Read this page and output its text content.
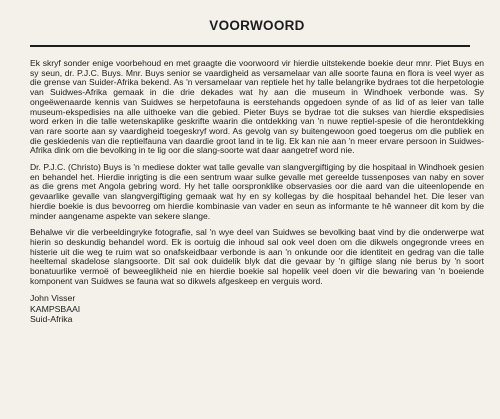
VOORWOORD

Ek skryf sonder enige voorbehoud en met graagte die voorwoord vir hierdie uitstekende boekie deur mnr. Piet Buys en sy seun, dr. P.J.C. Buys. Mnr. Buys senior se vaardigheid as versamelaar van alle soorte fauna en flora is veel wyer as die grense van Suider-Afrika bekend. As 'n versamelaar van reptiele het hy talle belangrike bydraes tot die herpetologie van Suidwes-Afrika gemaak in die drie dekades wat hy aan die museum in Windhoek verbonde was. Sy ongeëwenaarde kennis van Suidwes se herpetofauna is eerstehands opgedoen synde of as lid of as leier van talle museum-ekspedisies na alle uithoeke van die gebied. Pieter Buys se bydrae tot die sukses van hierdie ekspedisies word erken in die talle wetenskaplike geskrifte waarin die ontdekking van 'n nuwe reptiel-spesie of die herontdekking van rare soorte aan sy vaardigheid toegeskryf word. As gevolg van sy buitengewoon goed toegerus om die publiek en die geskiedenis van die reptielfauna van daardie groot land in te lig. Ek kan nie aan 'n meer ervare persoon in Suidwes-Afrika dink om die bevolking in te lig oor die slang-soorte wat daar aangetref word nie.

Dr. P.J.C. (Christo) Buys is 'n mediese dokter wat talle gevalle van slangvergiftiging by die hospitaal in Windhoek gesien en behandel het. Hierdie inrigting is die een sentrum waar sulke gevalle met gereelde tussenposes van naby en sover as die grens met Angola gebring word. Hy het talle oorspronklike observasies oor die aard van die uiteenlopende en gevaarlike gevalle van slangvergiftiging gemaak wat hy en sy kollegas by die hospitaal behandel het. Die leser van hierdie boekie is dus bevoorreg om hierdie kombinasie van vader en seun as informante te hê wanneer dit kom by die minder aangename aspekte van sekere slange.

Behalwe vir die verbeeldingryke fotografie, sal 'n wye deel van Suidwes se bevolking baat vind by die onderwerpe wat hierin so deskundig behandel word. Ek is oortuig die inhoud sal ook veel doen om die dikwels ongegronde vrees en histerie uit die weg te ruim wat so onafskeidbaar verbonde is aan 'n onkunde oor die identiteit en gedrag van die talle heeltemal skadelose slangsoorte. Dit sal ook duidelik blyk dat die gevaar by 'n giftige slang nie berus by 'n soort bonatuurlike vermoë of beweeglikheid nie en hierdie boekie sal hopelik veel doen vir die bewaring van 'n boeiende komponent van Suidwes se fauna wat so dikwels afgeskeep en verguis word.

John Visser
KAMPSBAAI
Suid-Afrika
